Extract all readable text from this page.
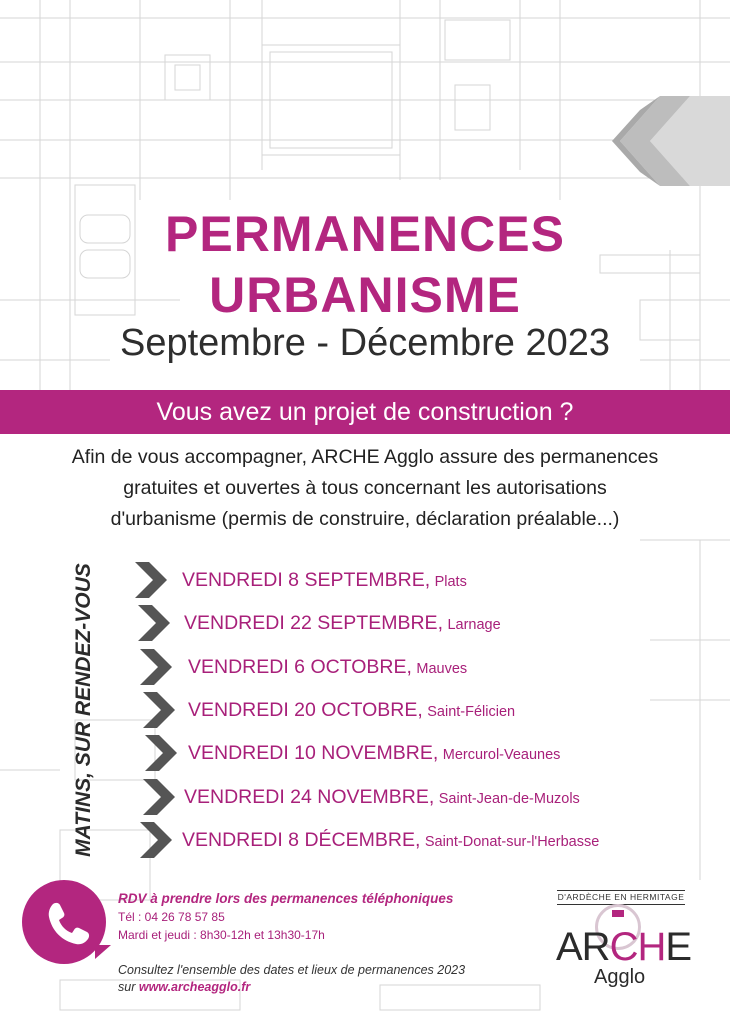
PERMANENCES
URBANISME
Septembre - Décembre 2023
Vous avez un projet de construction ?
Afin de vous accompagner, ARCHE Agglo assure des permanences
gratuites et ouvertes à tous concernant les autorisations
d'urbanisme (permis de construire, déclaration préalable...)
MATINS, SUR RENDEZ-VOUS	VENDREDI 8 SEPTEMBRE, Plats
VENDREDI 22 SEPTEMBRE, Larnage
VENDREDI 6 OCTOBRE, Mauves
VENDREDI 20 OCTOBRE, Saint-Félicien
VENDREDI 10 NOVEMBRE, Mercurol-Veaunes
VENDREDI 24 NOVEMBRE, Saint-Jean-de-Muzols
VENDREDI 8 DÉCEMBRE, Saint-Donat-sur-l'Herbasse
RDV à prendre lors des permanences téléphoniques
Tél : 04 26 78 57 85
Mardi et jeudi : 8h30-12h et 13h30-17h
Consultez l'ensemble des dates et lieux de permanences 2023
sur www.archeagglo.fr
D'ARDÈCHE EN HERMITAGE
ARCHE
Agglo
